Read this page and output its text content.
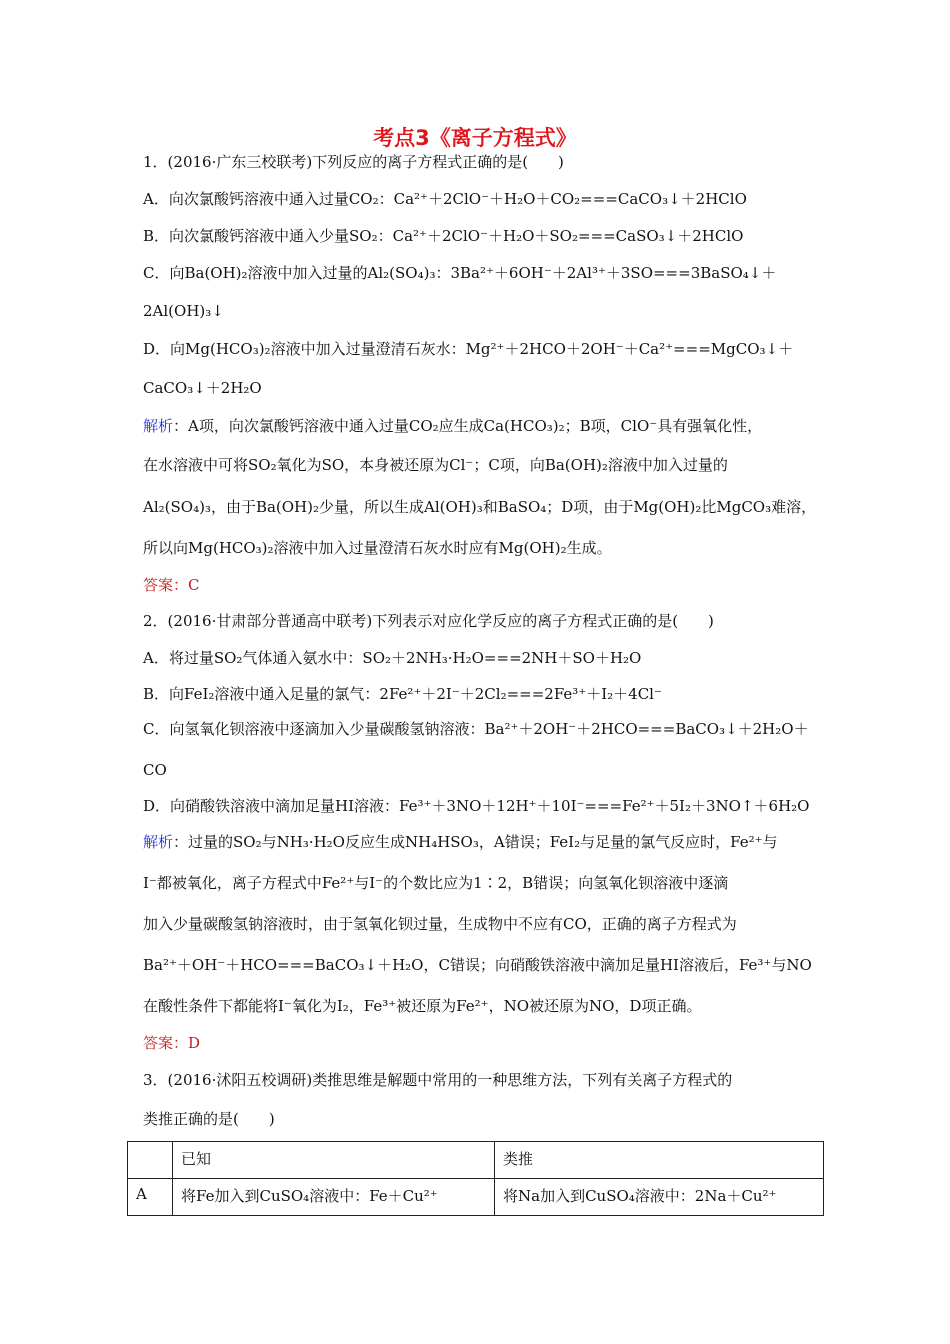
考点3《离子方程式》
1．(2016·广东三校联考)下列反应的离子方程式正确的是(　　)
A．向次氯酸钙溶液中通入过量CO₂：Ca²⁺＋2ClO⁻＋H₂O＋CO₂===CaCO₃↓＋2HClO
B．向次氯酸钙溶液中通入少量SO₂：Ca²⁺＋2ClO⁻＋H₂O＋SO₂===CaSO₃↓＋2HClO
C．向Ba(OH)₂溶液中加入过量的Al₂(SO₄)₃：3Ba²⁺＋6OH⁻＋2Al³⁺＋3SO===3BaSO₄↓＋
2Al(OH)₃↓
D．向Mg(HCO₃)₂溶液中加入过量澄清石灰水：Mg²⁺＋2HCO＋2OH⁻＋Ca²⁺===MgCO₃↓＋
CaCO₃↓＋2H₂O
解析：A项，向次氯酸钙溶液中通入过量CO₂应生成Ca(HCO₃)₂；B项，ClO⁻具有强氧化性，
在水溶液中可将SO₂氧化为SO，本身被还原为Cl⁻；C项，向Ba(OH)₂溶液中加入过量的
Al₂(SO₄)₃，由于Ba(OH)₂少量，所以生成Al(OH)₃和BaSO₄；D项，由于Mg(OH)₂比MgCO₃难溶，
所以向Mg(HCO₃)₂溶液中加入过量澄清石灰水时应有Mg(OH)₂生成。
答案：C
2．(2016·甘肃部分普通高中联考)下列表示对应化学反应的离子方程式正确的是(　　)
A．将过量SO₂气体通入氨水中：SO₂＋2NH₃·H₂O===2NH＋SO＋H₂O
B．向FeI₂溶液中通入足量的氯气：2Fe²⁺＋2I⁻＋2Cl₂===2Fe³⁺＋I₂＋4Cl⁻
C．向氢氧化钡溶液中逐滴加入少量碳酸氢钠溶液：Ba²⁺＋2OH⁻＋2HCO===BaCO₃↓＋2H₂O＋
CO
D．向硝酸铁溶液中滴加足量HI溶液：Fe³⁺＋3NO＋12H⁺＋10I⁻===Fe²⁺＋5I₂＋3NO↑＋6H₂O
解析：过量的SO₂与NH₃·H₂O反应生成NH₄HSO₃，A错误；FeI₂与足量的氯气反应时，Fe²⁺与
I⁻都被氧化，离子方程式中Fe²⁺与I⁻的个数比应为1∶2，B错误；向氢氧化钡溶液中逐滴
加入少量碳酸氢钠溶液时，由于氢氧化钡过量，生成物中不应有CO，正确的离子方程式为
Ba²⁺＋OH⁻＋HCO===BaCO₃↓＋H₂O，C错误；向硝酸铁溶液中滴加足量HI溶液后，Fe³⁺与NO
在酸性条件下都能将I⁻氧化为I₂，Fe³⁺被还原为Fe²⁺，NO被还原为NO，D项正确。
答案：D
3．(2016·沭阳五校调研)类推思维是解题中常用的一种思维方法，下列有关离子方程式的
类推正确的是(　　)
	已知	类推
A	将Fe加入到CuSO₄溶液中：Fe＋Cu²⁺	将Na加入到CuSO₄溶液中：2Na＋Cu²⁺
